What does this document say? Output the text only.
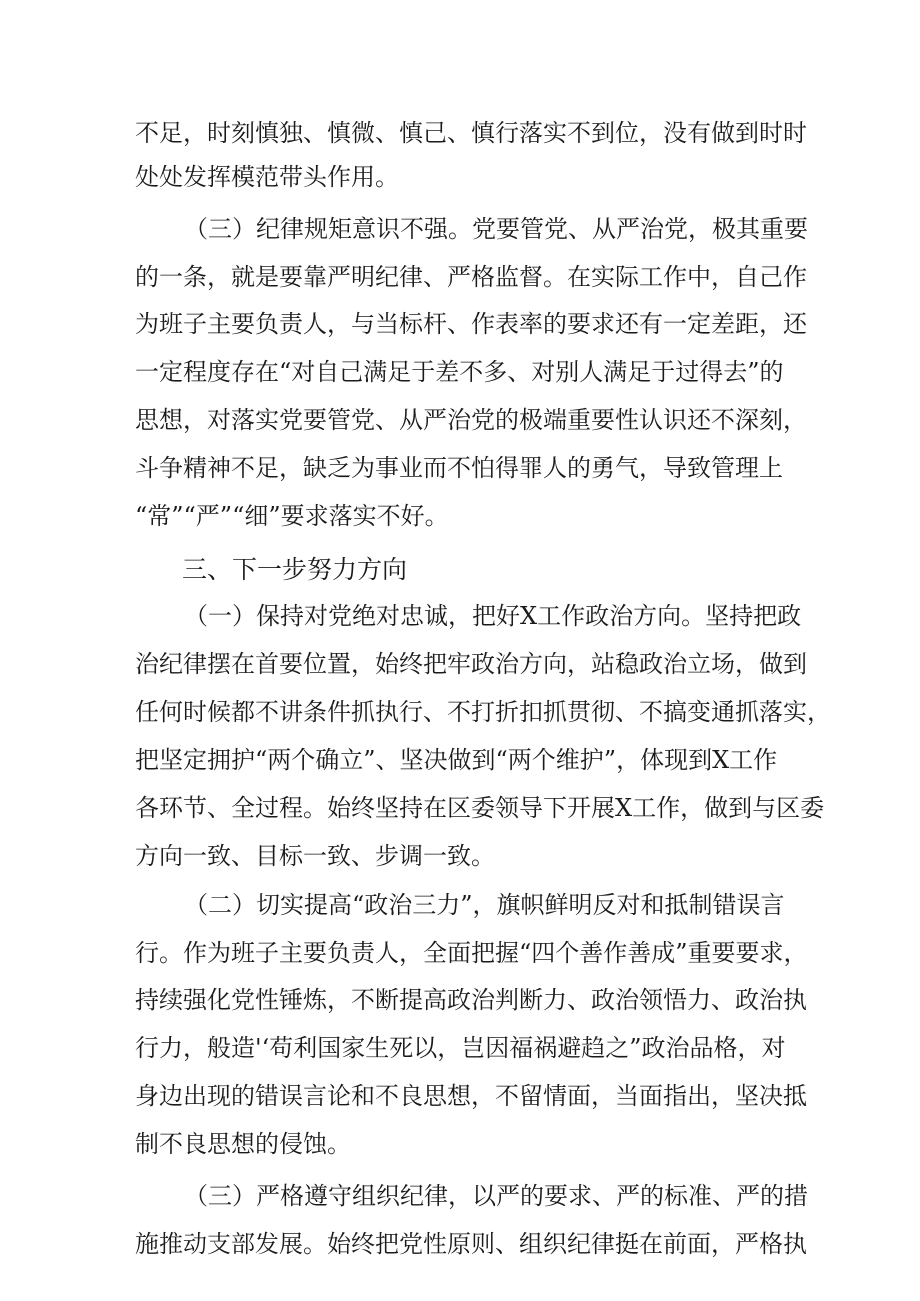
不足，时刻慎独、慎微、慎己、慎行落实不到位，没有做到时时
处处发挥模范带头作用。
（三）纪律规矩意识不强。党要管党、从严治党，极其重要
的一条，就是要靠严明纪律、严格监督。在实际工作中，自己作
为班子主要负责人，与当标杆、作表率的要求还有一定差距，还
一定程度存在“对自己满足于差不多、对别人满足于过得去”的
思想，对落实党要管党、从严治党的极端重要性认识还不深刻，
斗争精神不足，缺乏为事业而不怕得罪人的勇气，导致管理上
“常”“严”“细”要求落实不好。
三、下一步努力方向
（一）保持对党绝对忠诚，把好X工作政治方向。坚持把政
治纪律摆在首要位置，始终把牢政治方向，站稳政治立场，做到
任何时候都不讲条件抓执行、不打折扣抓贯彻、不搞变通抓落实，
把坚定拥护“两个确立”、坚决做到“两个维护”，体现到X工作
各环节、全过程。始终坚持在区委领导下开展X工作，做到与区委
方向一致、目标一致、步调一致。
（二）切实提高“政治三力”，旗帜鲜明反对和抵制错误言
行。作为班子主要负责人，全面把握“四个善作善成”重要要求，
持续强化党性锤炼，不断提高政治判断力、政治领悟力、政治执
行力，般造'‘苟利国家生死以，岂因福祸避趋之”政治品格，对
身边出现的错误言论和不良思想，不留情面，当面指出，坚决抵
制不良思想的侵蚀。
（三）严格遵守组织纪律，以严的要求、严的标准、严的措
施推动支部发展。始终把党性原则、组织纪律挺在前面，严格执
